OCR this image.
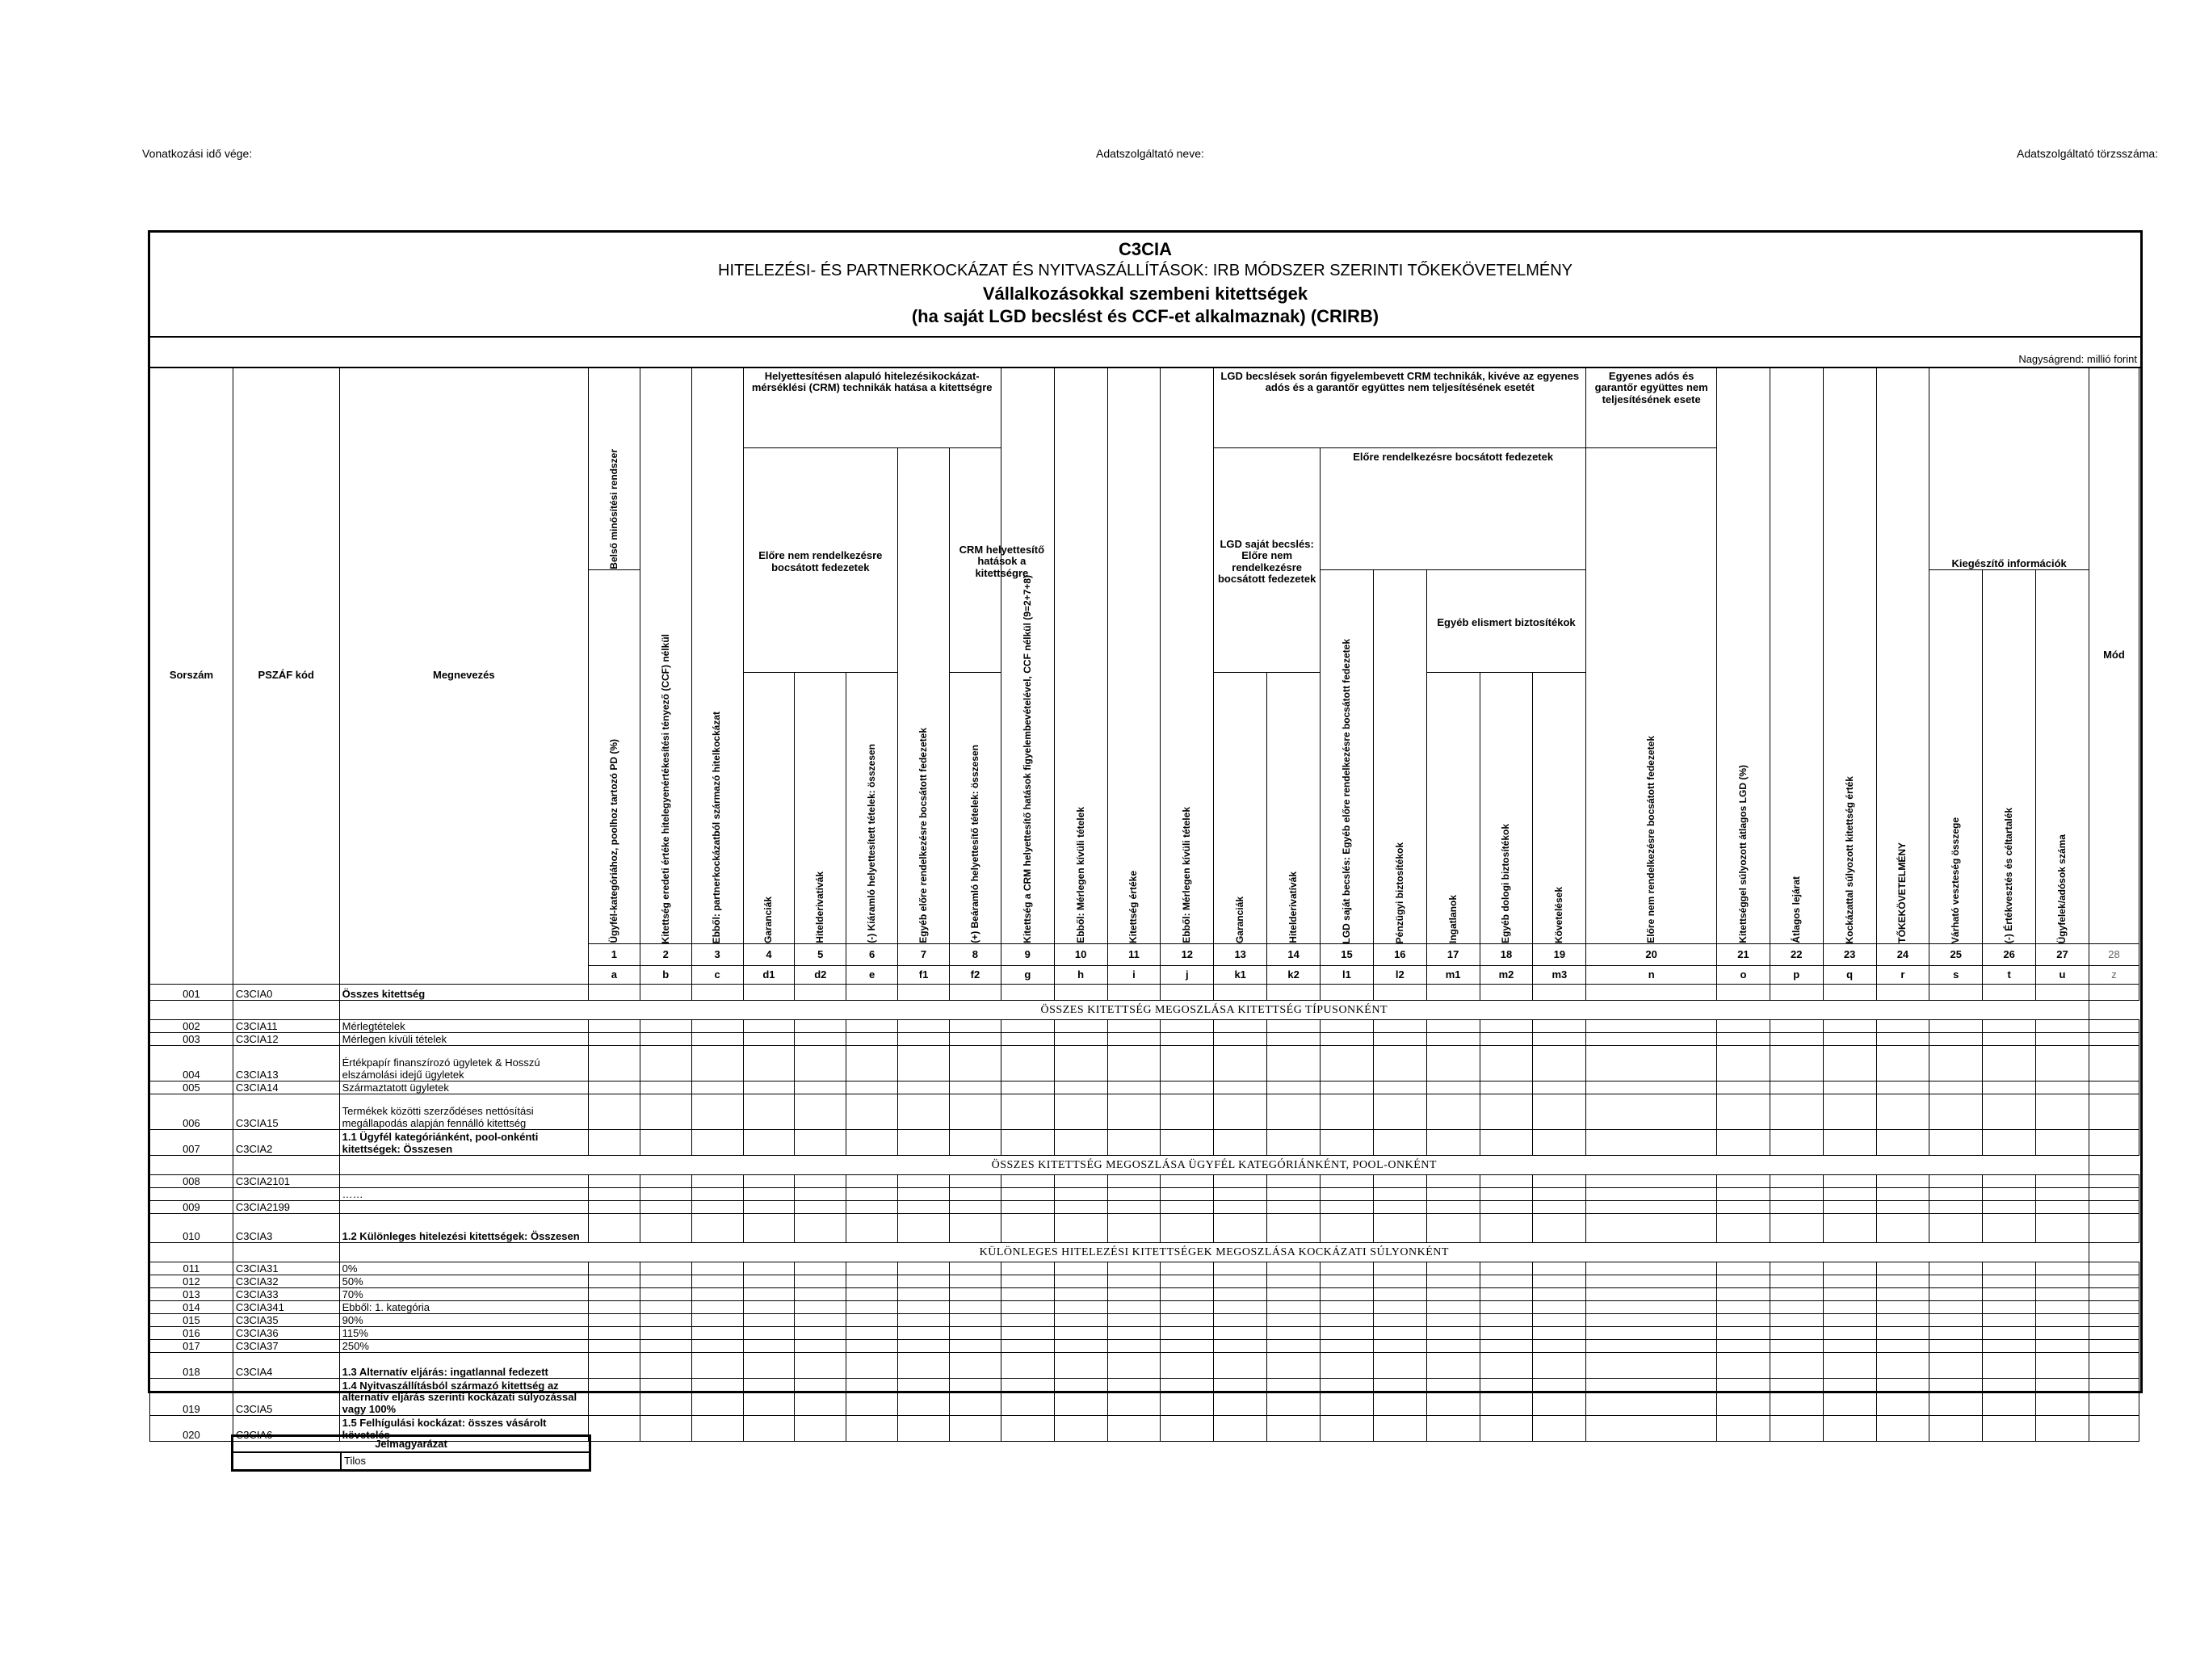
Vonatkozási idő vége:	Adatszolgáltató neve:	Adatszolgáltató törzsszáma:
C3CIA
HITELEZÉSI- ÉS PARTNERKOCKÁZAT ÉS NYITVASZÁLLÍTÁSOK: IRB MÓDSZER SZERINTI TŐKEKÖVETELMÉNY
Vállalkozásokkal szembeni kitettségek
(ha saját LGD becslést és CCF-et alkalmaznak) (CRIRB)
Nagyságrend: millió forint
Sorszám	PSZÁF kód	Megnevezés	Belső minősítési rendszer	Kitettség eredeti értéke hitelegyenértékesítési tényező (CCF) nélkül	Ebből: partnerkockázatból származó hitelkockázat	Helyettesítésen alapuló hitelezésikockázat-mérséklési (CRM) technikák hatása a kitettségre					Kitettség a CRM helyettesítő hatások figyelembevételével, CCF nélkül (9=2+7+8)	Ebből: Mérlegen kívüli tételek	Kitettség értéke	Ebből: Mérlegen kívüli tételek	LGD becslések során figyelembevett CRM technikák, kivéve az egyenes adós és a garantőr együttes nem teljesítésének esetét							Egyenes adós és garantőr együttes nem teljesítésének esete	Kitettséggel súlyozott átlagos LGD (%)	Átlagos lejárat	Kockázattal súlyozott kitettség érték	TŐKEKÖVETELMÉNY	Kiegészítő információk			Mód
						Előre nem rendelkezésre bocsátott fedezetek			Egyéb előre rendelkezésre bocsátott fedezetek	CRM helyettesítő hatások a kitettségre					LGD saját becslés: Előre nem rendelkezésre bocsátott fedezetek		Előre rendelkezésre bocsátott fedezetek					Előre nem rendelkezésre bocsátott fedezetek								

			Ügyfél-kategóriához, poolhoz tartozó PD (%)														LGD saját becslés: Egyéb előre rendelkezésre bocsátott fedezetek	Pénzügyi biztosítékok	Egyéb elismert biztosítékok								Várható veszteség összege	(-) Értékvesztés és céltartalék	Ügyfelek/adósok száma	

						Garanciák	Hitelderivatívák	(-) Kiáramló helyettesített tételek: összesen		(+) Beáramló helyettesítő tételek: összesen					Garanciák	Hitelderivatívák			Ingatlanok	Egyéb dologi biztosítékok	Követelések									

			1	2	3	4	5	6	7	8	9	10	11	12	13	14	15	16	17	18	19	20	21	22	23	24	25	26	27	28
			a	b	c	d1	d2	e	f1	f2	g	h	i	j	k1	k2	l1	l2	m1	m2	m3	n	o	p	q	r	s	t	u	z
001	C3CIA0	Összes kitettség																												
		ÖSSZES KITETTSÉG MEGOSZLÁSA KITETTSÉG TÍPUSONKÉNT																												
002	C3CIA11	Mérlegtételek																												
003	C3CIA12	Mérlegen kívüli tételek																												
004	C3CIA13	Értékpapír finanszírozó ügyletek & Hosszú elszámolási idejű ügyletek																												
005	C3CIA14	Származtatott ügyletek																												
006	C3CIA15	Termékek közötti szerződéses nettósítási megállapodás alapján fennálló kitettség																												
007	C3CIA2	1.1 Ügyfél kategóriánként, pool-onkénti kitettségek: Összesen																												
		ÖSSZES KITETTSÉG MEGOSZLÁSA ÜGYFÉL KATEGÓRIÁNKÉNT, POOL-ONKÉNT																												
008	C3CIA2101																													
		……																												
009	C3CIA2199																													
010	C3CIA3	1.2 Különleges hitelezési kitettségek: Összesen																												
		KÜLÖNLEGES HITELEZÉSI KITETTSÉGEK MEGOSZLÁSA KOCKÁZATI SÚLYONKÉNT																												
011	C3CIA31	0%																												
012	C3CIA32	50%																												
013	C3CIA33	70%																												
014	C3CIA341	Ebből: 1. kategória																												
015	C3CIA35	90%																												
016	C3CIA36	115%																												
017	C3CIA37	250%																												
018	C3CIA4	1.3 Alternatív eljárás: ingatlannal fedezett																												
019	C3CIA5	1.4 Nyitvaszállításból származó kitettség az alternatív eljárás szerinti kockázati súlyozással vagy 100%																												
020	C3CIA6	1.5 Felhígulási kockázat: összes vásárolt követelés																												
Jelmagyarázat
Tilos
